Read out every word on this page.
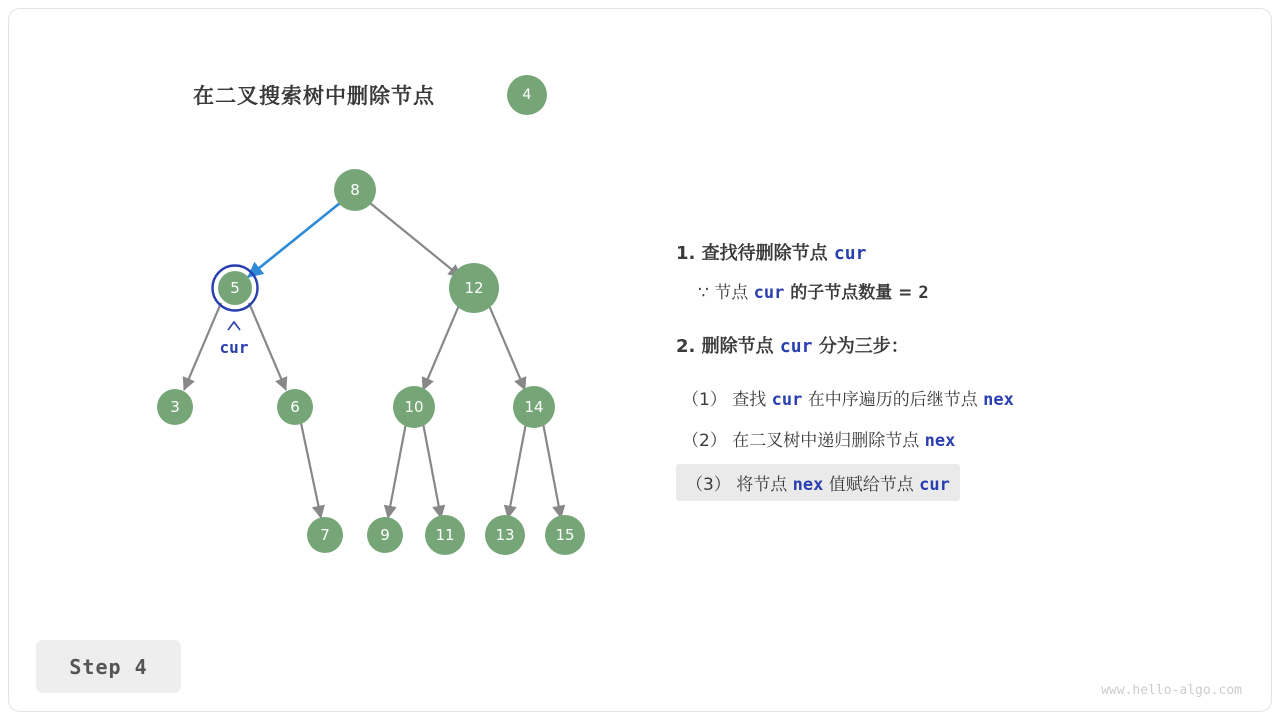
在二叉搜索树中删除节点	4
8
5	12
3	6	10	14
7	9	11	13	15
cur
1. 查找待删除节点 cur
∵ 节点 cur 的子节点数量 = 2
2. 删除节点 cur 分为三步：
（1） 查找 cur 在中序遍历的后继节点 nex
（2） 在二叉树中递归删除节点 nex
（3） 将节点 nex 值赋给节点 cur
Step 4
www.hello-algo.com
